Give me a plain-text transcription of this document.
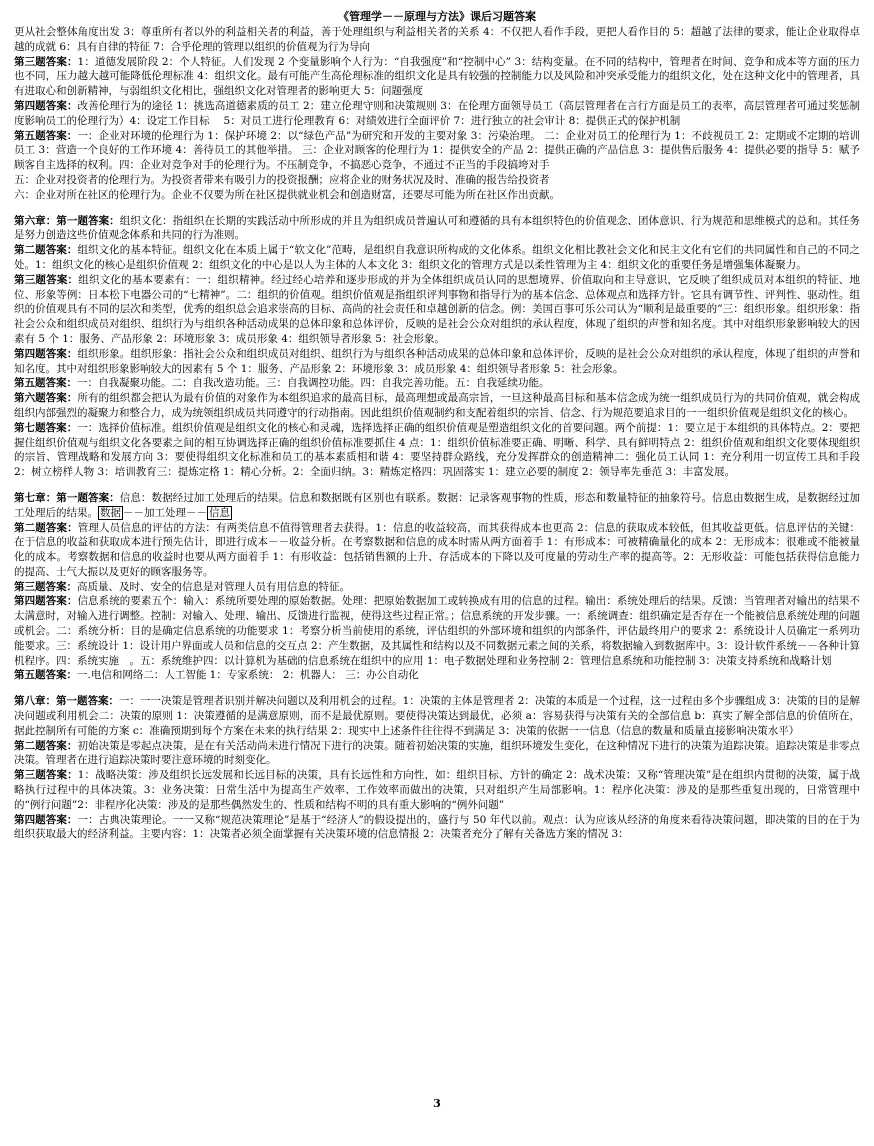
《管理学－－原理与方法》课后习题答案

更从社会整体角度出发 3：尊重所有者以外的利益相关者的利益，善于处理组织与利益相关者的关系 4：不仅把人看作手段，更把人看作目的 5：超越了法律的要求，能让企业取得卓越的成就 6：具有自律的特征 7：合乎伦理的管理以组织的价值观为行为导向

第三题答案：1：道德发展阶段 2：个人特征。人们发现 2 个变量影响个人行为：“自我强度”和“控制中心” 3：结构变量。在不同的结构中，管理者在时间、竞争和成本等方面的压力也不同，压力越大越可能降低伦理标准 4：组织文化。最有可能产生高伦理标准的组织文化是具有较强的控制能力以及风险和冲突承受能力的组织文化，处在这种文化中的管理者，具有进取心和创新精神，与弱组织文化相比，强组织文化对管理者的影响更大 5：问题强度

第四题答案：改善伦理行为的途径 1：挑选高道德素质的员工 2：建立伦理守则和决策规则 3：在伦理方面领导员工（高层管理者在言行方面是员工的表率，高层管理者可通过奖惩制度影响员工的伦理行为）4：设定工作目标　 5：对员工进行伦理教育 6：对绩效进行全面评价 7：进行独立的社会审计 8：提供正式的保护机制

第五题答案：一：企业对环境的伦理行为 1：保护环境 2：以“绿色产品”为研究和开发的主要对象 3：污染治理。 二：企业对员工的伦理行为 1：不歧视员工 2：定期或不定期的培训员工 3：营造一个良好的工作环境 4：善待员工的其他举措。 三：企业对顾客的伦理行为 1：提供安全的产品 2：提供正确的产品信息 3：提供售后服务 4：提供必要的指导 5：赋予顾客自主选择的权利。四：企业对竞争对手的伦理行为。不压制竞争，不搞恶心竞争，不通过不正当的手段搞垮对手

五：企业对投资者的伦理行为。为投资者带来有吸引力的投资报酬；应将企业的财务状况及时、准确的报告给投资者

六：企业对所在社区的伦理行为。企业不仅要为所在社区提供就业机会和创造财富，还要尽可能为所在社区作出贡献。

第六章：第一题答案：组织文化：指组织在长期的实践活动中所形成的并且为组织成员普遍认可和遵循的具有本组织特色的价值观念、团体意识、行为规范和思维模式的总和。其任务是努力创造这些价值观念体系和共同的行为准则。

第二题答案：组织文化的基本特征。组织文化在本质上属于“软文化”范畴，是组织自我意识所构成的文化体系。组织文化相比教社会文化和民主文化有它们的共同属性和自己的不同之处。1：组织文化的核心是组织价值观 2：组织文化的中心是以人为主体的人本文化 3：组织文化的管理方式是以柔性管理为主 4：组织文化的重要任务是增强集体凝聚力。

第三题答案：组织文化的基本要素有：一：组织精神。经过经心培养和逐步形成的并为全体组织成员认同的思想境界、价值取向和主导意识，它反映了组织成员对本组织的特征、地位、形象等例：日本松下电器公司的“七精神”。二：组织的价值观。组织价值观是指组织评判事物和指导行为的基本信念、总体观点和选择方针。它具有调节性、评判性、驱动性。组织的价值观具有不同的层次和类型，优秀的组织总会追求崇高的目标、高尚的社会责任和卓越创新的信念。例：美国百事可乐公司认为“顺利是最重要的”三：组织形象。组织形象：指社会公众和组织成员对组织、组织行为与组织各种活动成果的总体印象和总体评价，反映的是社会公众对组织的承认程度，体现了组织的声誉和知名度。其中对组织形象影响较大的因素有 5 个 1：服务、产品形象 2：环境形象 3：成员形象 4：组织领导者形象 5：社会形象。

第四题答案：组织形象。组织形象：指社会公众和组织成员对组织、组织行为与组织各种活动成果的总体印象和总体评价，反映的是社会公众对组织的承认程度，体现了组织的声誉和知名度。其中对组织形象影响较大的因素有 5 个 1：服务、产品形象 2：环境形象 3：成员形象 4：组织领导者形象 5：社会形象。

第五题答案：一：自我凝聚功能。二：自我改造功能。三：自我调控功能。四：自我完善功能。五：自我延续功能。

第六题答案：所有的组织都会把认为最有价值的对象作为本组织追求的最高目标，最高理想或最高宗旨，一旦这种最高目标和基本信念成为统一组织成员行为的共同价值观，就会构成组织内部强烈的凝聚力和整合力，成为统领组织成员共同遵守的行动指南。因此组织价值观制约和支配着组织的宗旨、信念、行为规范要追求目的一一组织价值观是组织文化的核心。

第七题答案：一：选择价值标准。组织价值观是组织文化的核心和灵魂，选择选择正确的组织价值观是塑造组织文化的首要问题。两个前提：1：要立足于本组织的具体特点。2：要把握住组织价值观与组织文化各要素之间的相互协调选择正确的组织价值标准要抓住 4 点：1：组织价值标准要正确、明晰、科学、具有鲜明特点 2：组织价值观和组织文化要体现组织的宗旨、管理战略和发展方向 3：要使得组织文化标准和员工的基本素质相和谐 4：要坚持群众路线，充分发挥群众的创造精神二：强化员工认同 1：充分利用一切宣传工具和手段 2：树立榜样人物 3：培训教育三：提炼定格 1：精心分析。2：全面归纳。3：精炼定格四：巩固落实 1：建立必要的制度 2：领导率先垂范 3：丰富发展。

第七章：第一题答案：信息：数据经过加工处理后的结果。信息和数据既有区别也有联系。数据：记录客观事物的性质，形态和数量特征的抽象符号。信息由数据生成，是数据经过加工处理后的结果。 数据 －－加工处理－－ 信息

第二题答案：管理人员信息的评估的方法：有两类信息不值得管理者去获得。1：信息的收益较高，而其获得成本也更高 2：信息的获取成本较低，但其收益更低。信息评估的关键：在于信息的收益和获取成本进行预先估计，即进行成本－－收益分析。在考察数据和信息的成本时需从两方面着手 1：有形成本：可被精确量化的成本 2：无形成本：很难或不能被量化的成本。考察数据和信息的收益时也要从两方面着手 1：有形收益：包括销售额的上升、存活成本的下降以及可度量的劳动生产率的提高等。2：无形收益：可能包括获得信息能力的提高、士气大振以及更好的顾客服务等。

第三题答案：高质量、及时、安全的信息是对管理人员有用信息的特征。

第四题答案：信息系统的要素五个：输入：系统所要处理的原始数据。处理：把原始数据加工或转换成有用的信息的过程。输出：系统处理后的结果。反馈：当管理者对输出的结果不太满意时，对输入进行调整。控制：对输入、处理、输出、反馈进行监视，使得这些过程正常。；信息系统的开发步骤。一：系统调查：组织确定是否存在一个能被信息系统处理的问题或机会。二：系统分析：目的是确定信息系统的功能要求 1：考察分析当前使用的系统，评估组织的外部环境和组织的内部条件，评估最终用户的要求 2：系统设计人员确定一系列功能要求。三：系统设计 1：设计用户界面或人员和信息的交互点 2：产生数据，及其属性和结构以及不同数据元素之间的关系，将数据输入到数据库中。3：设计软件系统－－各种计算机程序。四：系统实施　。五：系统维护四：以计算机为基础的信息系统在组织中的应用 1：电子数据处理和业务控制 2：管理信息系统和功能控制 3：决策支持系统和战略计划

第五题答案：一.电信和网络二：人工智能 1：专家系统： 2：机器人： 三：办公自动化

第八章：第一题答案：一：一一决策是管理者识别并解决问题以及利用机会的过程。1：决策的主体是管理者 2：决策的本质是一个过程，这一过程由多个步骤组成 3：决策的目的是解决问题或利用机会二：决策的原则 1：决策遵循的是满意原则，而不是最优原则。要使得决策达到最优，必须 a：容易获得与决策有关的全部信息 b：真实了解全部信息的价值所在，据此控制所有可能的方案 c：准确预期到每个方案在未来的执行结果 2：现实中上述条件往往得不到满足 3：决策的依据一一信息（信息的数量和质量直接影响决策水平）

第二题答案：初始决策是零起点决策，是在有关活动尚未进行情况下进行的决策。随着初始决策的实施，组织环境发生变化，在这种情况下进行的决策为追踪决策。追踪决策是非零点决策。管理者在进行追踪决策时要注意环境的时刻变化。

第三题答案：1：战略决策：涉及组织长远发展和长远目标的决策，具有长远性和方向性，如：组织目标、方针的确定 2：战术决策：又称“管理决策”是在组织内贯彻的决策，属于战略执行过程中的具体决策。3：业务决策：日常生活中为提高生产效率、工作效率而做出的决策，只对组织产生局部影响。1：程序化决策：涉及的是那些重复出现的，日常管理中的“例行问题”2：非程序化决策：涉及的是那些偶然发生的、性质和结构不明的具有重大影响的“例外问题”

第四题答案：一：古典决策理论。一一又称“规范决策理论”是基于“经济人”的假设提出的，盛行与 50 年代以前。观点：认为应该从经济的角度来看待决策问题，即决策的目的在于为组织获取最大的经济利益。主要内容：1：决策者必须全面掌握有关决策环境的信息情报 2：决策者充分了解有关备选方案的情况 3：

3
